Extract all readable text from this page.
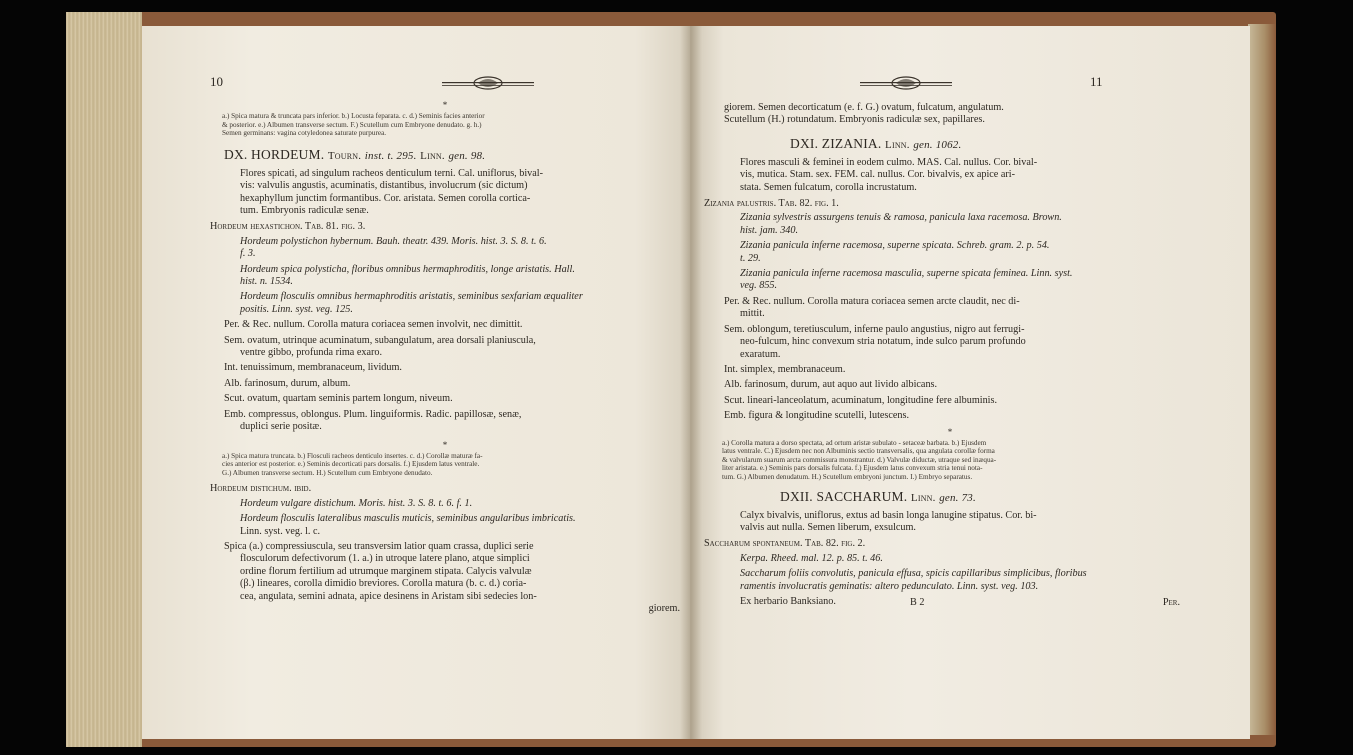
10
*

a.) Spica matura & truncata pars inferior. b.) Locusta feparata. c. d.) Seminis facies anterior

& posterior. e.) Albumen transverse sectum. F.) Scutellum cum Embryone denudato. g. h.)

Semen germinans: vagina cotyledonea saturate purpurea.

DX. HORDEUM. Tourn. inst. t. 295. Linn. gen. 98.

Flores spicati, ad singulum racheos denticulum terni. Cal. uniflorus, bival-

vis: valvulis angustis, acuminatis, distantibus, involucrum (sic dictum)

hexaphyllum junctim formantibus. Cor. aristata. Semen corolla cortica-

tum. Embryonis radiculæ senæ.

Hordeum hexastichon. Tab. 81. fig. 3.

Hordeum polystichon hybernum. Bauh. theatr. 439. Moris. hist. 3. S. 8. t. 6.

f. 3.

Hordeum spica polysticha, floribus omnibus hermaphroditis, longe aristatis. Hall.

hist. n. 1534.

Hordeum flosculis omnibus hermaphroditis aristatis, seminibus sexfariam æqualiter

positis. Linn. syst. veg. 125.

Per. & Rec. nullum. Corolla matura coriacea semen involvit, nec dimittit.

Sem. ovatum, utrinque acuminatum, subangulatum, area dorsali planiuscula,

ventre gibbo, profunda rima exaro.

Int. tenuissimum, membranaceum, lividum.

Alb. farinosum, durum, album.

Scut. ovatum, quartam seminis partem longum, niveum.

Emb. compressus, oblongus. Plum. linguiformis. Radic. papillosæ, senæ,

duplici serie positæ.

*

a.) Spica matura truncata. b.) Flosculi racheos denticulo insertes. c. d.) Corollæ maturæ fa-

cies anterior est posterior. e.) Seminis decorticati pars dorsalis. f.) Ejusdem latus ventrale.

G.) Albumen transverse sectum. H.) Scutellum cum Embryone denudato.

Hordeum distichum. ibid.

Hordeum vulgare distichum. Moris. hist. 3. S. 8. t. 6. f. 1.

Hordeum flosculis lateralibus masculis muticis, seminibus angularibus imbricatis.

Linn. syst. veg. l. c.

Spica (a.) compressiuscula, seu transversim latior quam crassa, duplici serie

flosculorum defectivorum (1. a.) in utroque latere plano, atque simplici

ordine florum fertilium ad utrumque marginem stipata. Calycis valvulæ

(β.) lineares, corolla dimidio breviores. Corolla matura (b. c. d.) coria-

cea, angulata, semini adnata, apice desinens in Aristam sibi sedecies lon-

giorem.
11

giorem. Semen decorticatum (e. f. G.) ovatum, fulcatum, angulatum.

Scutellum (H.) rotundatum. Embryonis radiculæ sex, papillares.

DXI. ZIZANIA. Linn. gen. 1062.

Flores masculi & feminei in eodem culmo. MAS. Cal. nullus. Cor. bival-

vis, mutica. Stam. sex. FEM. cal. nullus. Cor. bivalvis, ex apice ari-

stata. Semen fulcatum, corolla incrustatum.

Zizania palustris. Tab. 82. fig. 1.

Zizania sylvestris assurgens tenuis & ramosa, panicula laxa racemosa. Brown.

hist. jam. 340.

Zizania panicula inferne racemosa, superne spicata. Schreb. gram. 2. p. 54.

t. 29.

Zizania panicula inferne racemosa masculia, superne spicata feminea. Linn. syst.

veg. 855.

Per. & Rec. nullum. Corolla matura coriacea semen arcte claudit, nec di-

mittit.

Sem. oblongum, teretiusculum, inferne paulo angustius, nigro aut ferrugi-

neo-fulcum, hinc convexum stria notatum, inde sulco parum profundo

exaratum.

Int. simplex, membranaceum.

Alb. farinosum, durum, aut aquo aut livido albicans.

Scut. lineari-lanceolatum, acuminatum, longitudine fere albuminis.

Emb. figura & longitudine scutelli, lutescens.

*

a.) Corolla matura a dorso spectata, ad ortum aristæ subulato - setaceæ barbata. b.) Ejusdem

latus ventrale. C.) Ejusdem nec non Albuminis sectio transversalis, qua angulata corollæ forma

& valvularum suarum arcta commissura monstrantur. d.) Valvulæ diductæ, utraque sed inæqua-

liter aristata. e.) Seminis pars dorsalis fulcata. f.) Ejusdem latus convexum stria tenui nota-

tum. G.) Albumen denudatum. H.) Scutellum embryoni junctum. I.) Embryo separatus.

DXII. SACCHARUM. Linn. gen. 73.

Calyx bivalvis, uniflorus, extus ad basin longa lanugine stipatus. Cor. bi-

valvis aut nulla. Semen liberum, exsulcum.

Saccharum spontaneum. Tab. 82. fig. 2.

Kerpa. Rheed. mal. 12. p. 85. t. 46.

Saccharum foliis convolutis, panicula effusa, spicis capillaribus simplicibus, floribus

ramentis involucratis geminatis: altero pedunculato. Linn. syst. veg. 103.

Ex herbario Banksiano.	B 2	Per.
